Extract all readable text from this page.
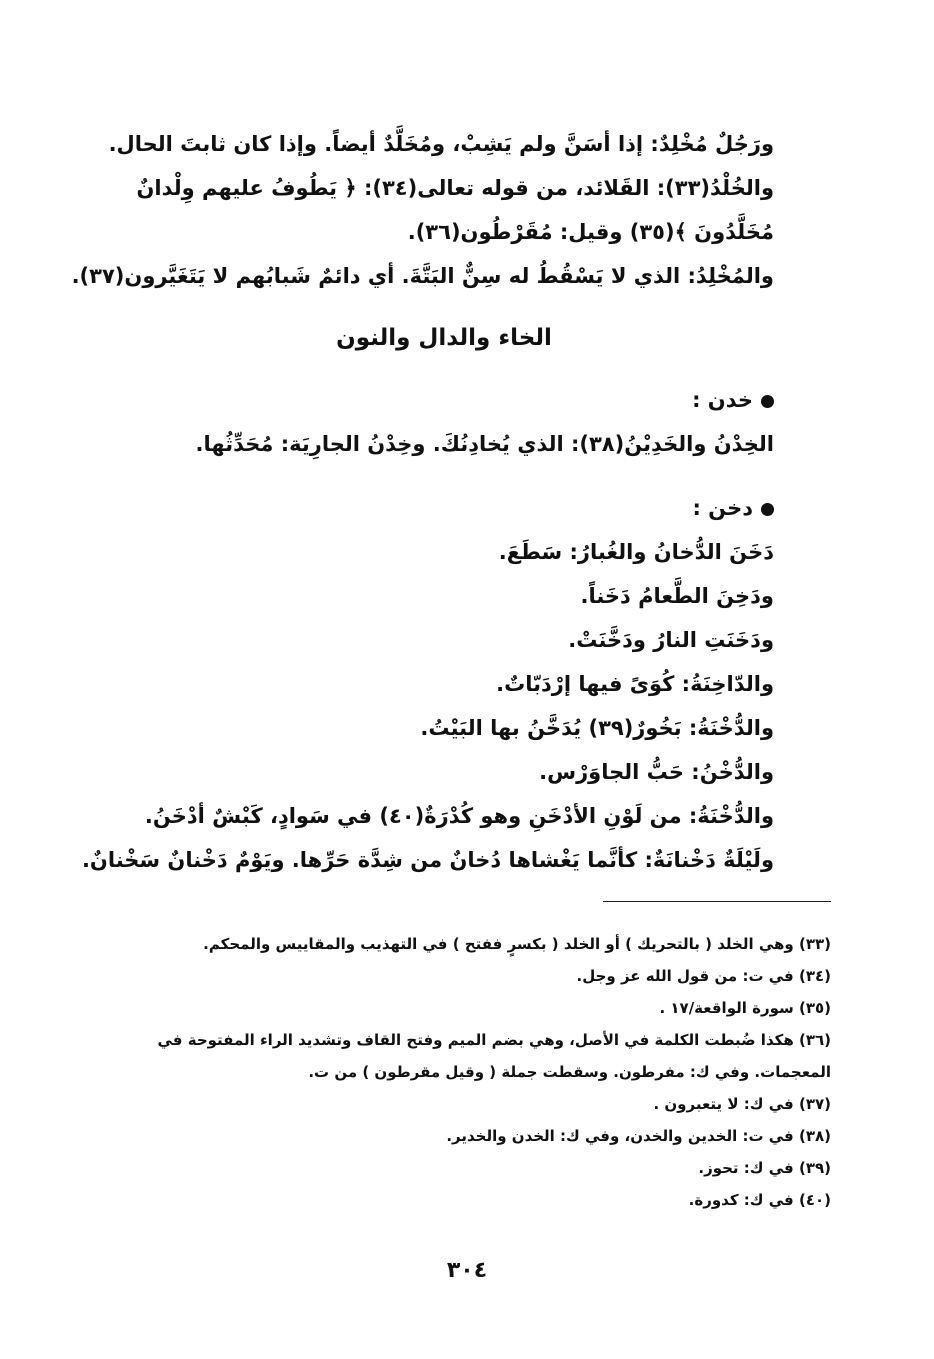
ورَجُلٌ مُخْلِدٌ: إذا أسَنَّ ولم يَشِبْ، ومُخَلَّدٌ أيضاً. وإذا كان ثابتَ الحال.
والخُلْدُ(٣٣): القَلائد، من قوله تعالى(٣٤): ﴿ يَطُوفُ عليهم وِلْدانٌ
مُخَلَّدُونَ ﴾(٣٥) وقيل: مُقَرْطُون(٣٦).
والمُخْلِدُ: الذي لا يَسْقُطُ له سِنٌّ البَتَّةَ. أي دائمٌ شَبابُهم لا يَتَغَيَّرون(٣٧).
الخاء والدال والنون
خدن :
الخِدْنُ والخَدِيْنُ(٣٨): الذي يُخادِنُكَ. وخِدْنُ الجارِيَة: مُحَدِّثُها.
دخن :
دَخَنَ الدُّخانُ والغُبارُ: سَطَعَ.
ودَخِنَ الطَّعامُ دَخَناً.
ودَخَنَتِ النارُ ودَخَّنَتْ.
والدّاخِنَةُ: كُوَىً فيها إرْدَبّاتٌ.
والدُّخْنَةُ: بَخُورٌ(٣٩) يُدَخَّنُ بها البَيْتُ.
والدُّخْنُ: حَبُّ الجاوَرْس.
والدُّخْنَةُ: من لَوْنِ الأدْخَنِ وهو كُدْرَةٌ(٤٠) في سَوادٍ، كَبْشٌ أدْخَنُ.
ولَيْلَةٌ دَخْنانَةٌ: كأنَّما يَغْشاها دُخانٌ من شِدَّة حَرِّها. ويَوْمٌ دَخْنانٌ سَخْنانٌ.
(٣٣) وهي الخلد ( بالتحريك ) أو الخلد ( بكسرٍ ففتح ) في التهذيب والمقاييس والمحكم.
(٣٤) في ت: من قول الله عز وجل.
(٣٥) سورة الواقعة/١٧ .
(٣٦) هكذا ضُبطت الكلمة في الأصل، وهي بضم الميم وفتح القاف وتشديد الراء المفتوحة في
المعجمات. وفي ك: مفرطون. وسقطت جملة ( وقيل مقرطون ) من ت.
(٣٧) في ك: لا يتعبرون .
(٣٨) في ت: الخدين والخدن، وفي ك: الخدن والخدير.
(٣٩) في ك: تحوز.
(٤٠) في ك: كدورة.
٣٠٤
